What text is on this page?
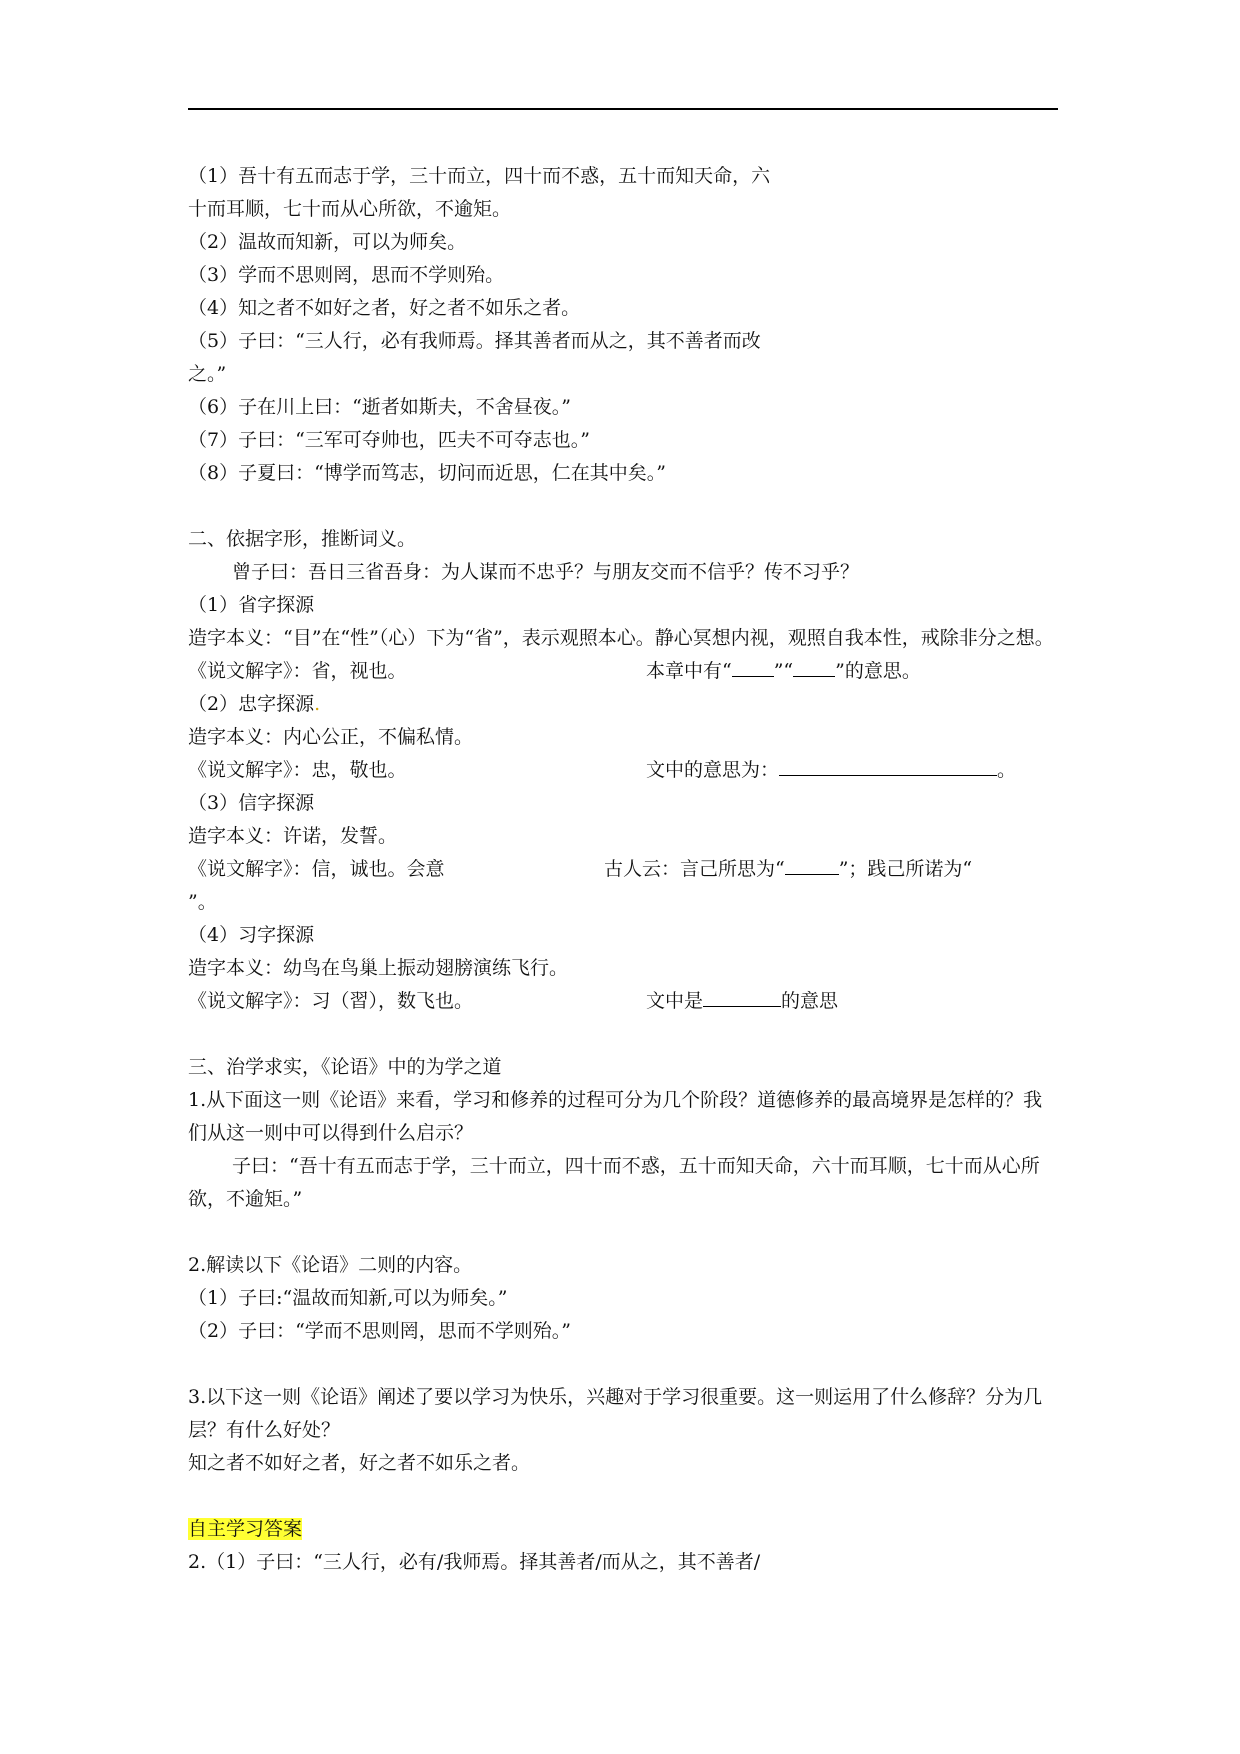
（1）吾十有五而志于学，三十而立，四十而不惑，五十而知天命，六
十而耳顺，七十而从心所欲，不逾矩。
（2）温故而知新，可以为师矣。
（3）学而不思则罔，思而不学则殆。
（4）知之者不如好之者，好之者不如乐之者。
（5）子曰：“三人行，必有我师焉。择其善者而从之，其不善者而改
之。”
（6）子在川上曰：“逝者如斯夫，不舍昼夜。”
（7）子曰：“三军可夺帅也，匹夫不可夺志也。”
（8）子夏曰：“博学而笃志，切问而近思，仁在其中矣。”
二、依据字形，推断词义。
曾子曰：吾日三省吾身：为人谋而不忠乎？与朋友交而不信乎？传不习乎？
（1）省字探源
造字本义：“目”在“性”（心）下为“省”，表示观照本心。静心冥想内视，观照自我本性，戒除非分之想。
《说文解字》：省，视也。	本章中有“ ”“ ”的意思。
（2）忠字探源.
造字本义：内心公正，不偏私情。
《说文解字》：忠，敬也。	文中的意思为：	。
（3）信字探源
造字本义：许诺，发誓。
《说文解字》：信，诚也。会意	古人云：言己所思为“	”；践己所诺为“
”。
（4）习字探源
造字本义：幼鸟在鸟巢上振动翅膀演练飞行。
《说文解字》：习（習），数飞也。	文中是	的意思
三、治学求实，《论语》中的为学之道
1.从下面这一则《论语》来看，学习和修养的过程可分为几个阶段？道德修养的最高境界是怎样的？我们从这一则中可以得到什么启示？
子曰：“吾十有五而志于学，三十而立，四十而不惑，五十而知天命，六十而耳顺，七十而从心所欲，不逾矩。”
2.解读以下《论语》二则的内容。
（1）子曰:“温故而知新,可以为师矣。”
（2）子曰：“学而不思则罔，思而不学则殆。”
3.以下这一则《论语》阐述了要以学习为快乐，兴趣对于学习很重要。这一则运用了什么修辞？分为几层？有什么好处？
知之者不如好之者，好之者不如乐之者。
自主学习答案
2.（1）子曰：“三人行，必有/我师焉。择其善者/而从之，其不善者/
